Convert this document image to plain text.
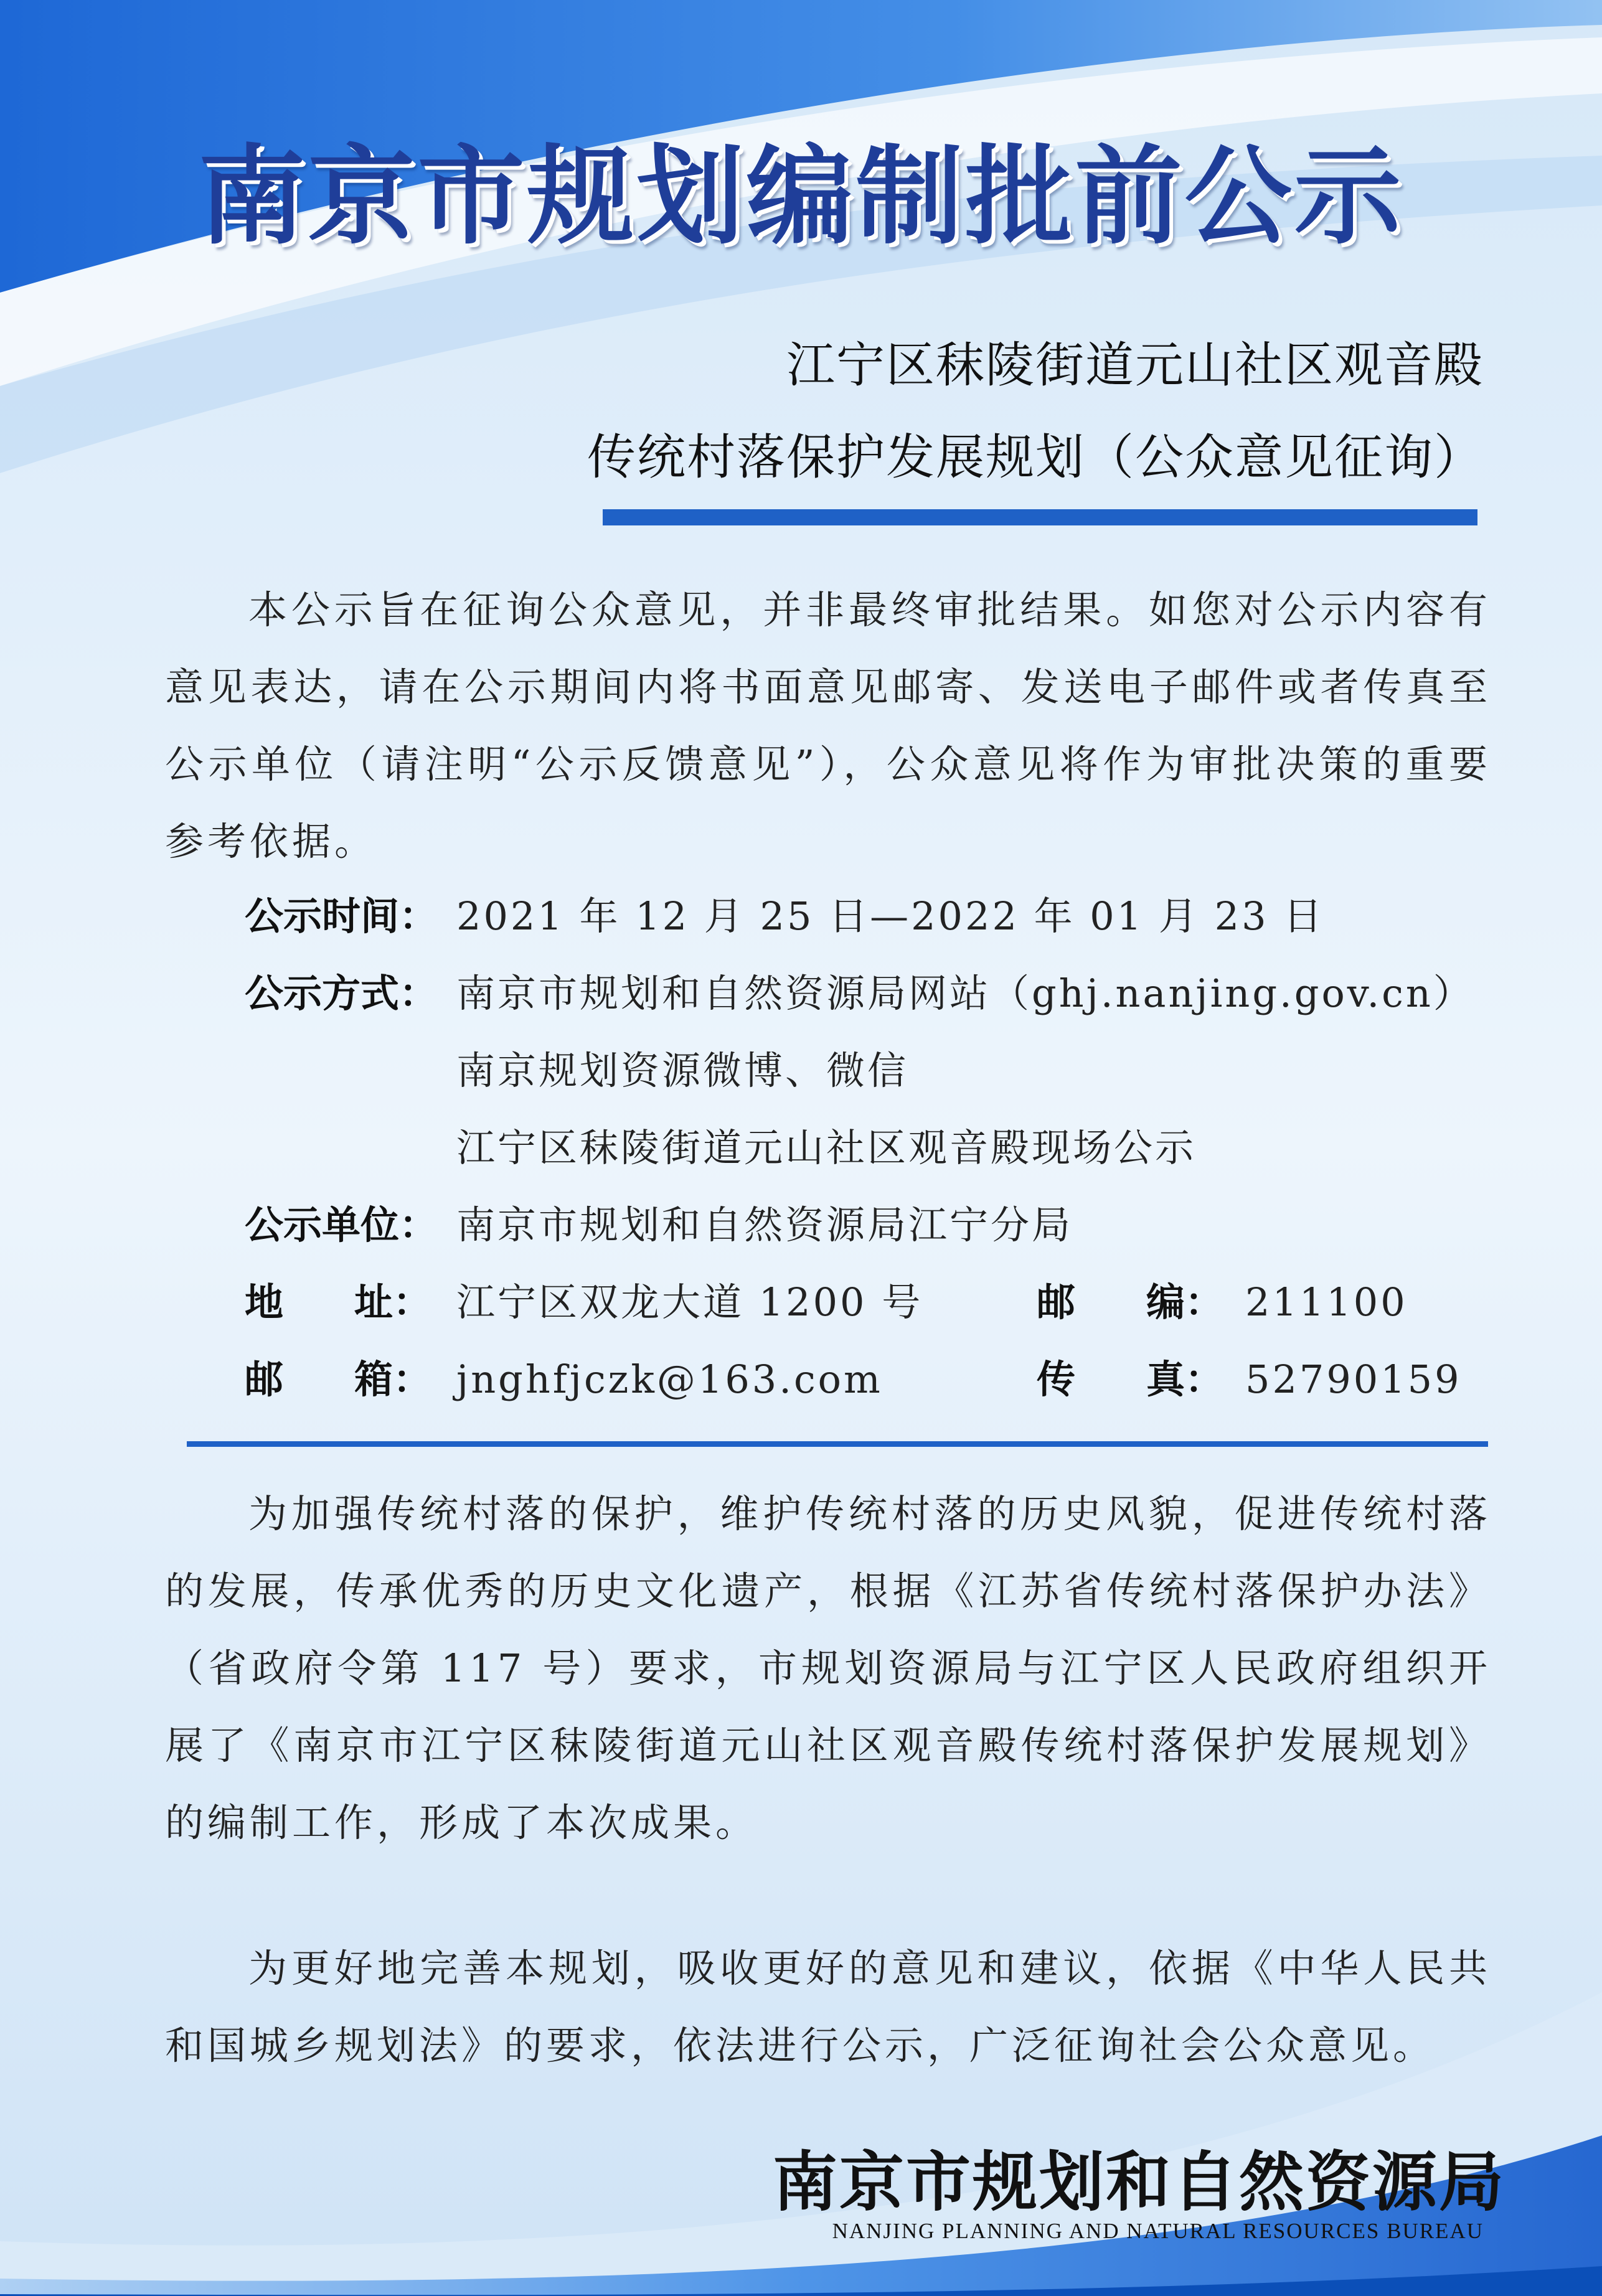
南京市规划编制批前公示
江宁区秣陵街道元山社区观音殿
传统村落保护发展规划（公众意见征询）

本公示旨在征询公众意见，并非最终审批结果。如您对公示内容有意见表达，请在公示期间内将书面意见邮寄、发送电子邮件或者传真至公示单位（请注明“公示反馈意见”），公众意见将作为审批决策的重要参考依据。

公示时间： 2021 年 12 月 25 日—2022 年 01 月 23 日
公示方式： 南京市规划和自然资源局网站（ghj.nanjing.gov.cn）
南京规划资源微博、微信
江宁区秣陵街道元山社区观音殿现场公示
公示单位： 南京市规划和自然资源局江宁分局
地 址： 江宁区双龙大道 1200 号	邮 编： 211100
邮 箱： jnghfjczk@163.com	传 真： 52790159

为加强传统村落的保护，维护传统村落的历史风貌，促进传统村落的发展，传承优秀的历史文化遗产，根据《江苏省传统村落保护办法》（省政府令第 117 号）要求，市规划资源局与江宁区人民政府组织开展了《南京市江宁区秣陵街道元山社区观音殿传统村落保护发展规划》的编制工作，形成了本次成果。

为更好地完善本规划，吸收更好的意见和建议，依据《中华人民共和国城乡规划法》的要求，依法进行公示，广泛征询社会公众意见。

南京市规划和自然资源局
NANJING PLANNING AND NATURAL RESOURCES BUREAU
